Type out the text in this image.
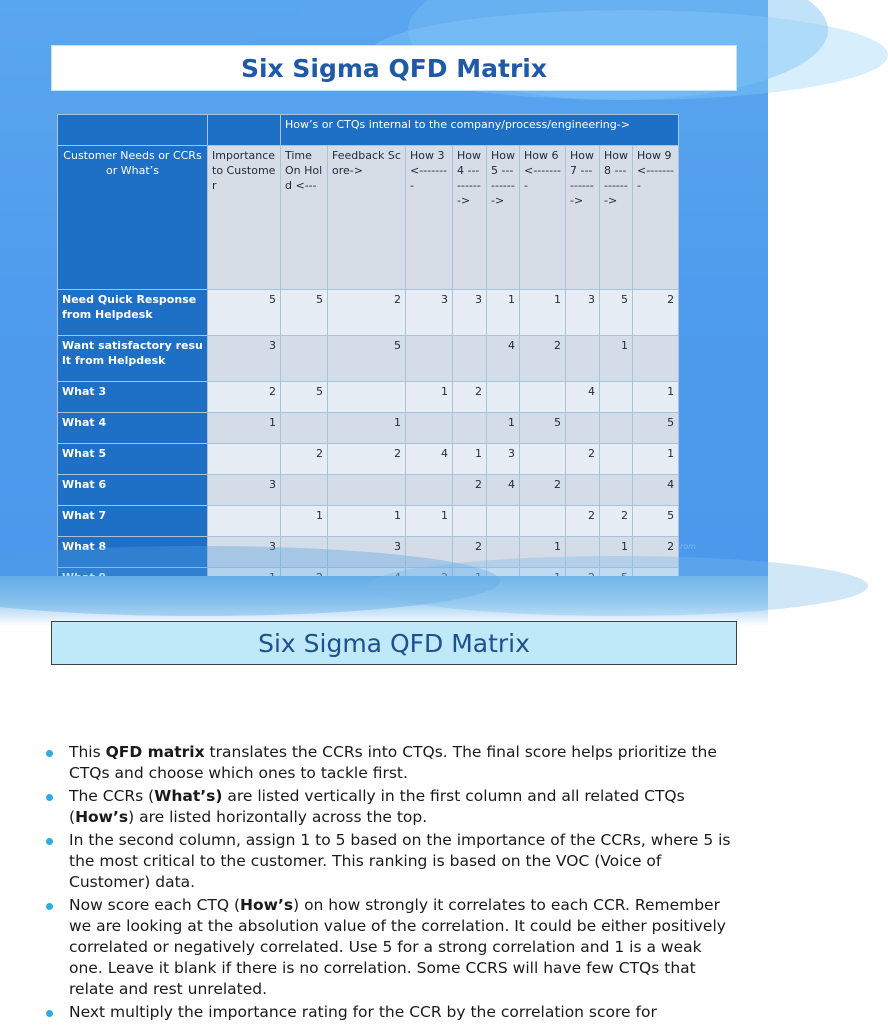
Six Sigma QFD Matrix
		How’s or CTQs internal to the company/process/engineering->								
Customer Needs or CCRs or What’s	Importance to Customer	Time On Hold <---	Feedback Score->	How 3 <--------	How 4 ---------->	How 5 ---------->	How 6 <--------	How 7 ---------->	How 8 ---------->	How 9 <--------
Need Quick Response from Helpdesk	5	5	2	3	3	1	1	3	5	2
Want satisfactory result from Helpdesk	3		5			4	2		1	
What 3	2	5		1	2			4		1
What 4	1		1			1	5			5
What 5		2	2	4	1	3		2		1
What 6	3				2	4	2			4
What 7		1	1	1				2	2	5
What 8	3		3		2		1		1	2
										rom
Six Sigma QFD Matrix
This QFD matrix translates the CCRs into CTQs. The final score helps prioritize the CTQs and choose which ones to tackle first.
The CCRs (What’s) are listed vertically in the first column and all related CTQs (How’s) are listed horizontally across the top.
In the second column, assign 1 to 5 based on the importance of the CCRs, where 5 is the most critical to the customer. This ranking is based on the VOC (Voice of Customer) data.
Now score each CTQ (How’s) on how strongly it correlates to each CCR. Remember we are looking at the absolution value of the correlation. It could be either positively correlated or negatively correlated. Use 5 for a strong correlation and 1 is a weak one. Leave it blank if there is no correlation. Some CCRS will have few CTQs that relate and rest unrelated.
Next multiply the importance rating for the CCR by the correlation score for
